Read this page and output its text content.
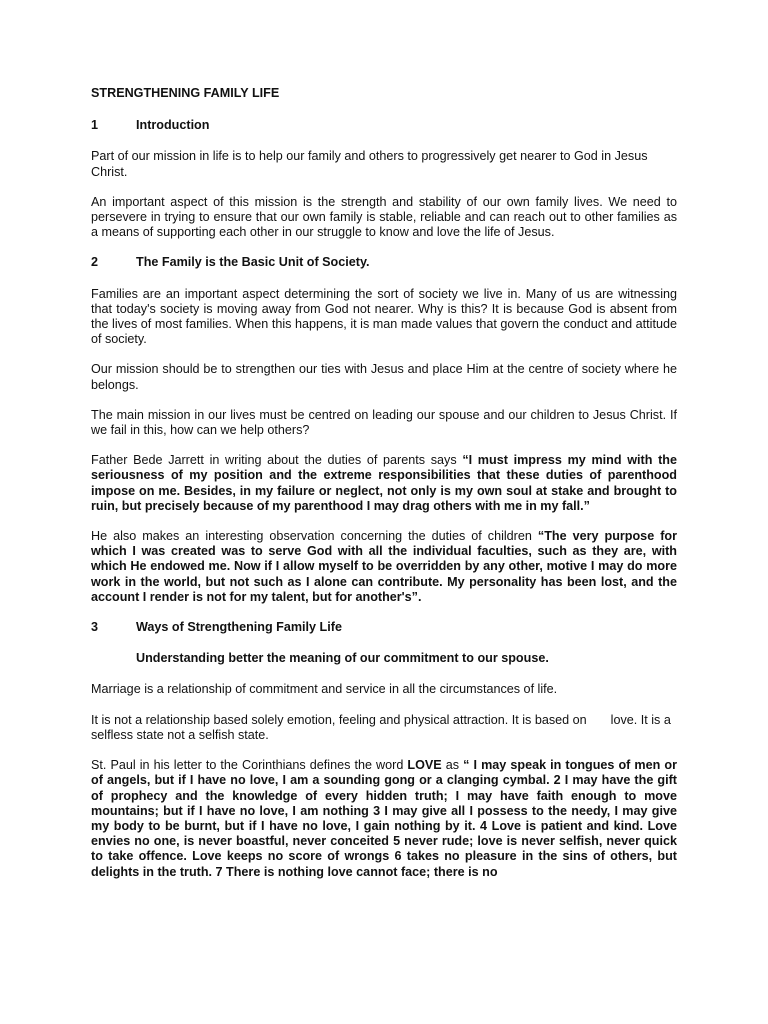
STRENGTHENING FAMILY LIFE
1	Introduction

Part of our mission in life is to help our family and others to progressively get nearer to God in Jesus Christ.

An important aspect of this mission is the strength and stability of our own family lives. We need to persevere in trying to ensure that our own family is stable, reliable and can reach out to other families as a means of supporting each other in our struggle to know and love the life of Jesus.

2	The Family is the Basic Unit of Society.

Families are an important aspect determining the sort of society we live in. Many of us are witnessing that today's society is moving away from God not nearer. Why is this? It is because God is absent from the lives of most families. When this happens, it is man made values that govern the conduct and attitude of society.

Our mission should be to strengthen our ties with Jesus and place Him at the centre of society where he belongs.

The main mission in our lives must be centred on leading our spouse and our children to Jesus Christ. If we fail in this, how can we help others?

Father Bede Jarrett in writing about the duties of parents says “I must impress my mind with the seriousness of my position and the extreme responsibilities that these duties of parenthood impose on me. Besides, in my failure or neglect, not only is my own soul at stake and brought to ruin, but precisely because of my parenthood I may drag others with me in my fall.”

He also makes an interesting observation concerning the duties of children “The very purpose for which I was created was to serve God with all the individual faculties, such as they are, with which He endowed me. Now if I allow myself to be overridden by any other, motive I may do more work in the world, but not such as I alone can contribute. My personality has been lost, and the account I render is not for my talent, but for another's”.

3	Ways of Strengthening Family Life
Understanding better the meaning of our commitment to our spouse.

Marriage is a relationship of commitment and service in all the circumstances of life.

It is not a relationship based solely emotion, feeling and physical attraction. It is based on love. It is a selfless state not a selfish state.

St. Paul in his letter to the Corinthians defines the word LOVE as “ I may speak in tongues of men or of angels, but if I have no love, I am a sounding gong or a clanging cymbal. 2 I may have the gift of prophecy and the knowledge of every hidden truth; I may have faith enough to move mountains; but if I have no love, I am nothing 3 I may give all I possess to the needy, I may give my body to be burnt, but if I have no love, I gain nothing by it. 4 Love is patient and kind. Love envies no one, is never boastful, never conceited 5 never rude; love is never selfish, never quick to take offence. Love keeps no score of wrongs 6 takes no pleasure in the sins of others, but delights in the truth. 7 There is nothing love cannot face; there is no
